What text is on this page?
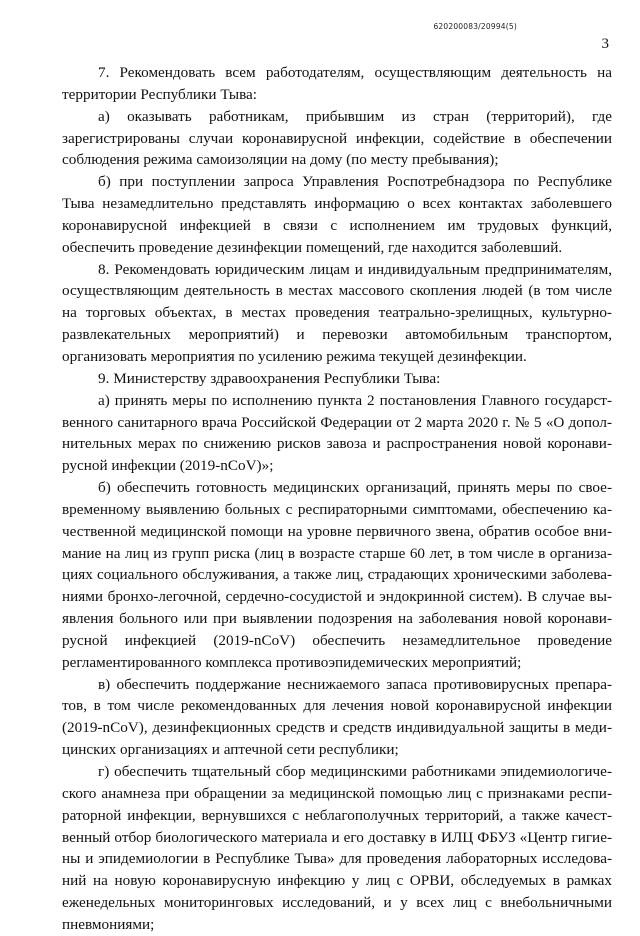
620200083/20994(5)
3

7. Рекомендовать всем работодателям, осуществляющим деятельность на территории Республики Тыва:

а) оказывать работникам, прибывшим из стран (территорий), где зарегистрированы случаи коронавирусной инфекции, содействие в обеспечении соблюдения режима самоизоляции на дому (по месту пребывания);

б) при поступлении запроса Управления Роспотребнадзора по Республике Тыва незамедлительно представлять информацию о всех контактах заболевшего коронавирусной инфекцией в связи с исполнением им трудовых функций, обеспечить проведение дезинфекции помещений, где находится заболевший.

8. Рекомендовать юридическим лицам и индивидуальным предпринимателям, осуществляющим деятельность в местах массового скопления людей (в том числе на торговых объектах, в местах проведения театрально-зрелищных, культурно-развлекательных мероприятий) и перевозки автомобильным транспортом, организовать мероприятия по усилению режима текущей дезинфекции.

9. Министерству здравоохранения Республики Тыва:

а) принять меры по исполнению пункта 2 постановления Главного государственного санитарного врача Российской Федерации от 2 марта 2020 г. № 5 «О дополнительных мерах по снижению рисков завоза и распространения новой коронавирусной инфекции (2019-nCoV)»;

б) обеспечить готовность медицинских организаций, принять меры по своевременному выявлению больных с респираторными симптомами, обеспечению качественной медицинской помощи на уровне первичного звена, обратив особое внимание на лиц из групп риска (лиц в возрасте старше 60 лет, в том числе в организациях социального обслуживания, а также лиц, страдающих хроническими заболеваниями бронхо-легочной, сердечно-сосудистой и эндокринной систем). В случае выявления больного или при выявлении подозрения на заболевания новой коронавирусной инфекцией (2019-nCoV) обеспечить незамедлительное проведение регламентированного комплекса противоэпидемических мероприятий;

в) обеспечить поддержание неснижаемого запаса противовирусных препаратов, в том числе рекомендованных для лечения новой коронавирусной инфекции (2019-nCoV), дезинфекционных средств и средств индивидуальной защиты в медицинских организациях и аптечной сети республики;

г) обеспечить тщательный сбор медицинскими работниками эпидемиологического анамнеза при обращении за медицинской помощью лиц с признаками респираторной инфекции, вернувшихся с неблагополучных территорий, а также качественный отбор биологического материала и его доставку в ИЛЦ ФБУЗ «Центр гигиены и эпидемиологии в Республике Тыва» для проведения лабораторных исследований на новую коронавирусную инфекцию у лиц с ОРВИ, обследуемых в рамках еженедельных мониторинговых исследований, и у всех лиц с внебольничными пневмониями;
